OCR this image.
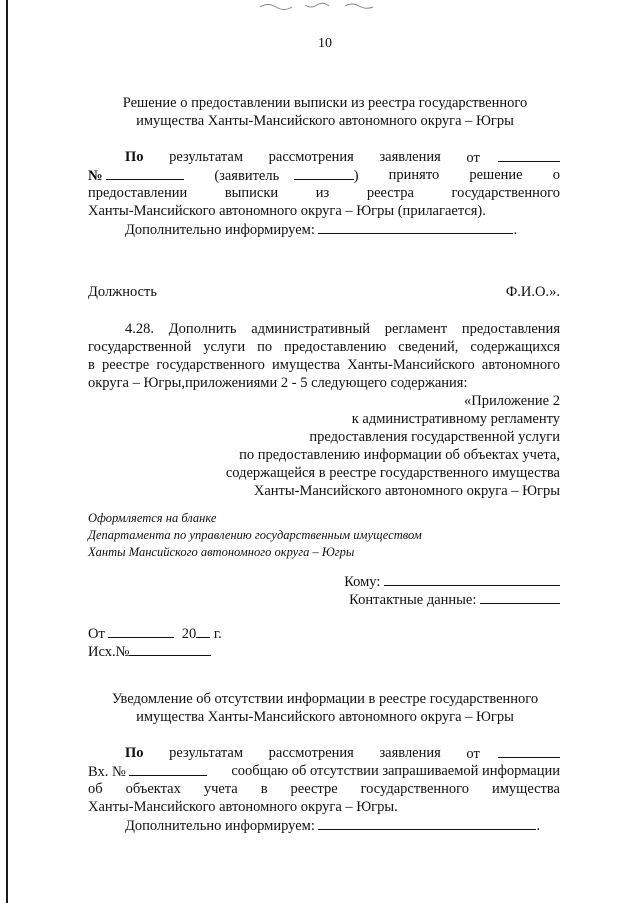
10
Решение о предоставлении выписки из реестра государственного
имущества Ханты-Мансийского автономного округа – Югры
По результатам рассмотрения заявления от
№	(заявитель	) принято решение о
предоставлении	выписки	из	реестра	государственного
Ханты-Мансийского автономного округа – Югры (прилагается).
Дополнительно информируем:	.
Должность	Ф.И.О.».
4.28. Дополнить административный регламент предоставления
государственной услуги по предоставлению сведений, содержащихся
в реестре государственного имущества Ханты-Мансийского автономного
округа – Югры,приложениями 2 - 5 следующего содержания:
«Приложение 2
к административному регламенту
предоставления государственной услуги
по предоставлению информации об объектах учета,
содержащейся в реестре государственного имущества
Ханты-Мансийского автономного округа – Югры
Оформляется на бланке
Департамента по управлению государственным имуществом
Ханты Мансийского автономного округа – Югры
Кому:
Контактные данные:
От	20 г.
Исх.№
Уведомление об отсутствии информации в реестре государственного
имущества Ханты-Мансийского автономного округа – Югры
По результатам рассмотрения заявления от
Вх. №	сообщаю об отсутствии запрашиваемой информации
об объектах учета в реестре государственного имущества
Ханты-Мансийского автономного округа – Югры.
Дополнительно информируем:	.
